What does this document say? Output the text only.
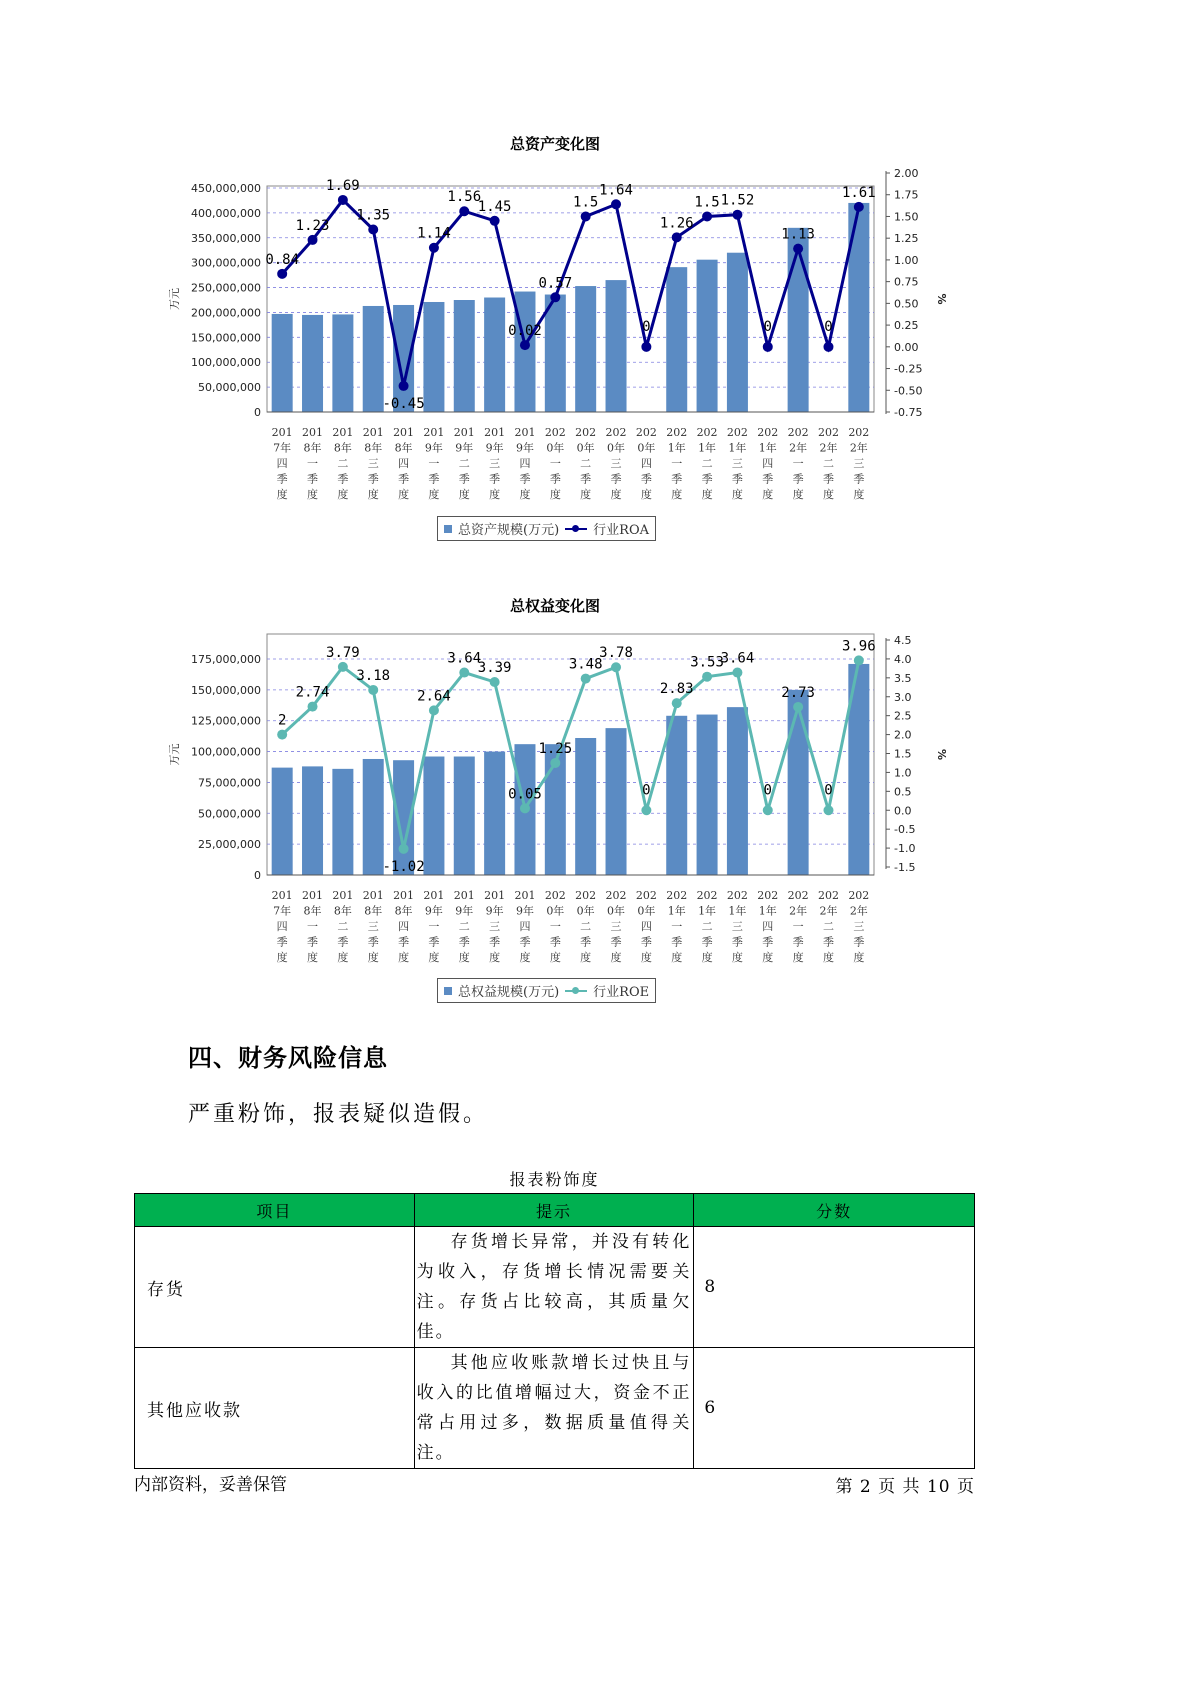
总资产变化图
0
50,000,000
100,000,000
150,000,000
200,000,000
250,000,000
300,000,000
350,000,000
400,000,000
450,000,000
-0.75
-0.50
-0.25
0.00
0.25
0.50
0.75
1.00
1.25
1.50
1.75
2.00
万元	%
0.84
1.23
1.69
1.35
-0.45
1.14
1.56
1.45
0.02
0.57
1.5
1.64
0
1.26
1.5 1.52
0
1.13
0
1.61
201
7年
四
季
度
201
8年
一
季
度
201
8年
二
季
度
201
8年
三
季
度
201
8年
四
季
度
201
9年
一
季
度
201
9年
二
季
度
201
9年
三
季
度
201
9年
四
季
度
202
0年
一
季
度
202
0年
二
季
度
202
0年
三
季
度
202
0年
四
季
度
202
1年
一
季
度
202
1年
二
季
度
202
1年
三
季
度
202
1年
四
季
度
202
2年
一
季
度
202
2年
二
季
度
202
2年
三
季
度
总资产规模(万元)	行业ROA
总权益变化图
0
25,000,000
50,000,000
75,000,000
100,000,000
125,000,000
150,000,000
175,000,000
-1.5
-1.0
-0.5
0.0
0.5
1.0
1.5
2.0
2.5
3.0
3.5
4.0
4.5
万元	%
2
2.74
3.79
3.18
-1.02
2.64
3.64
3.39
0.05
1.25
3.48
3.78
0
2.83
3.53
3.64
0
2.73
0
3.96
201
7年
四
季
度
201
8年
一
季
度
201
8年
二
季
度
201
8年
三
季
度
201
8年
四
季
度
201
9年
一
季
度
201
9年
二
季
度
201
9年
三
季
度
201
9年
四
季
度
202
0年
一
季
度
202
0年
二
季
度
202
0年
三
季
度
202
0年
四
季
度
202
1年
一
季
度
202
1年
二
季
度
202
1年
三
季
度
202
1年
四
季
度
202
2年
一
季
度
202
2年
二
季
度
202
2年
三
季
度
总权益规模(万元)	行业ROE
四、财务风险信息
严重粉饰，报表疑似造假。
报表粉饰度
项目	提示	分数
存货	存货增长异常，并没有转化为收入，存货增长情况需要关注。存货占比较高，其质量欠佳。	8
其他应收款	其他应收账款增长过快且与收入的比值增幅过大，资金不正常占用过多，数据质量值得关注。	6
内部资料，妥善保管	第 2 页 共 10 页
